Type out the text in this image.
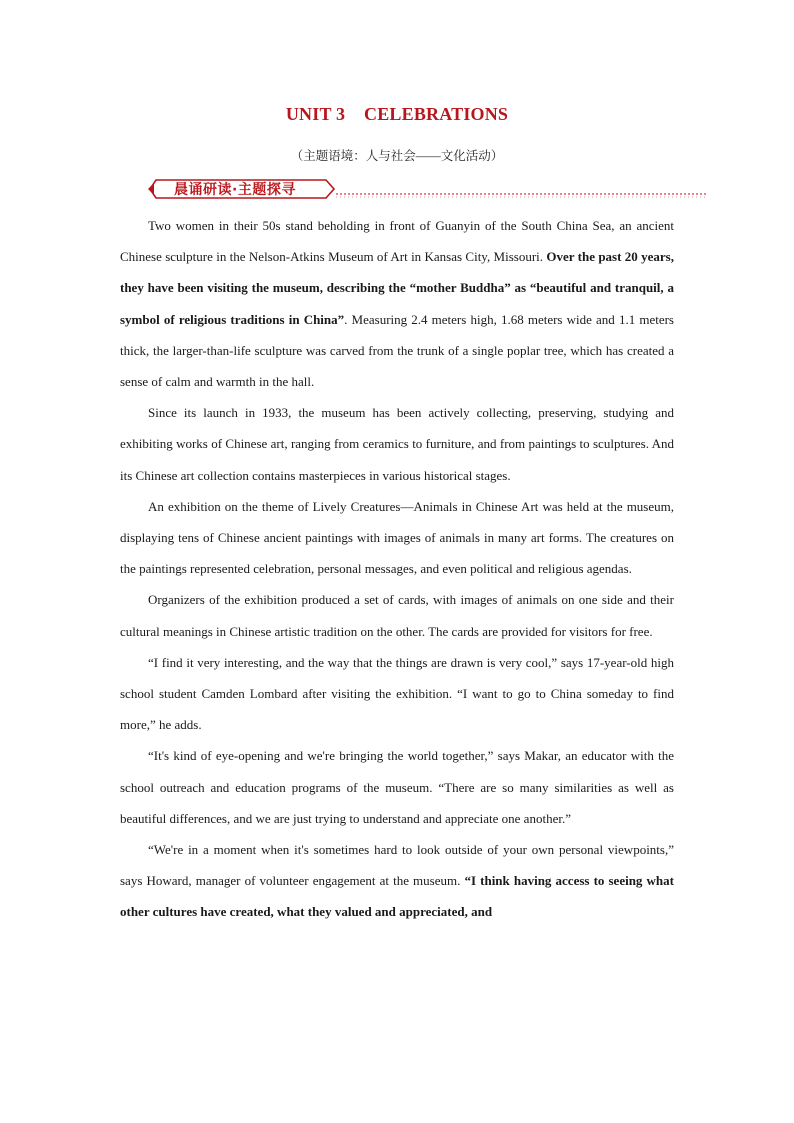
UNIT 3    CELEBRATIONS
（主题语境：人与社会——文化活动）
晨诵研读·主题探寻

Two women in their 50s stand beholding in front of Guanyin of the South China Sea, an ancient Chinese sculpture in the Nelson-Atkins Museum of Art in Kansas City, Missouri. Over the past 20 years, they have been visiting the museum, describing the “mother Buddha” as “beautiful and tranquil, a symbol of religious traditions in China”. Measuring 2.4 meters high, 1.68 meters wide and 1.1 meters thick, the larger-than-life sculpture was carved from the trunk of a single poplar tree, which has created a sense of calm and warmth in the hall.

Since its launch in 1933, the museum has been actively collecting, preserving, studying and exhibiting works of Chinese art, ranging from ceramics to furniture, and from paintings to sculptures. And its Chinese art collection contains masterpieces in various historical stages.

An exhibition on the theme of Lively Creatures—Animals in Chinese Art was held at the museum, displaying tens of Chinese ancient paintings with images of animals in many art forms. The creatures on the paintings represented celebration, personal messages, and even political and religious agendas.

Organizers of the exhibition produced a set of cards, with images of animals on one side and their cultural meanings in Chinese artistic tradition on the other. The cards are provided for visitors for free.

“I find it very interesting, and the way that the things are drawn is very cool,” says 17-year-old high school student Camden Lombard after visiting the exhibition. “I want to go to China someday to find more,” he adds.

“It's kind of eye-opening and we're bringing the world together,” says Makar, an educator with the school outreach and education programs of the museum. “There are so many similarities as well as beautiful differences, and we are just trying to understand and appreciate one another.”

“We're in a moment when it's sometimes hard to look outside of your own personal viewpoints,” says Howard, manager of volunteer engagement at the museum. “I think having access to seeing what other cultures have created, what they valued and appreciated, and
